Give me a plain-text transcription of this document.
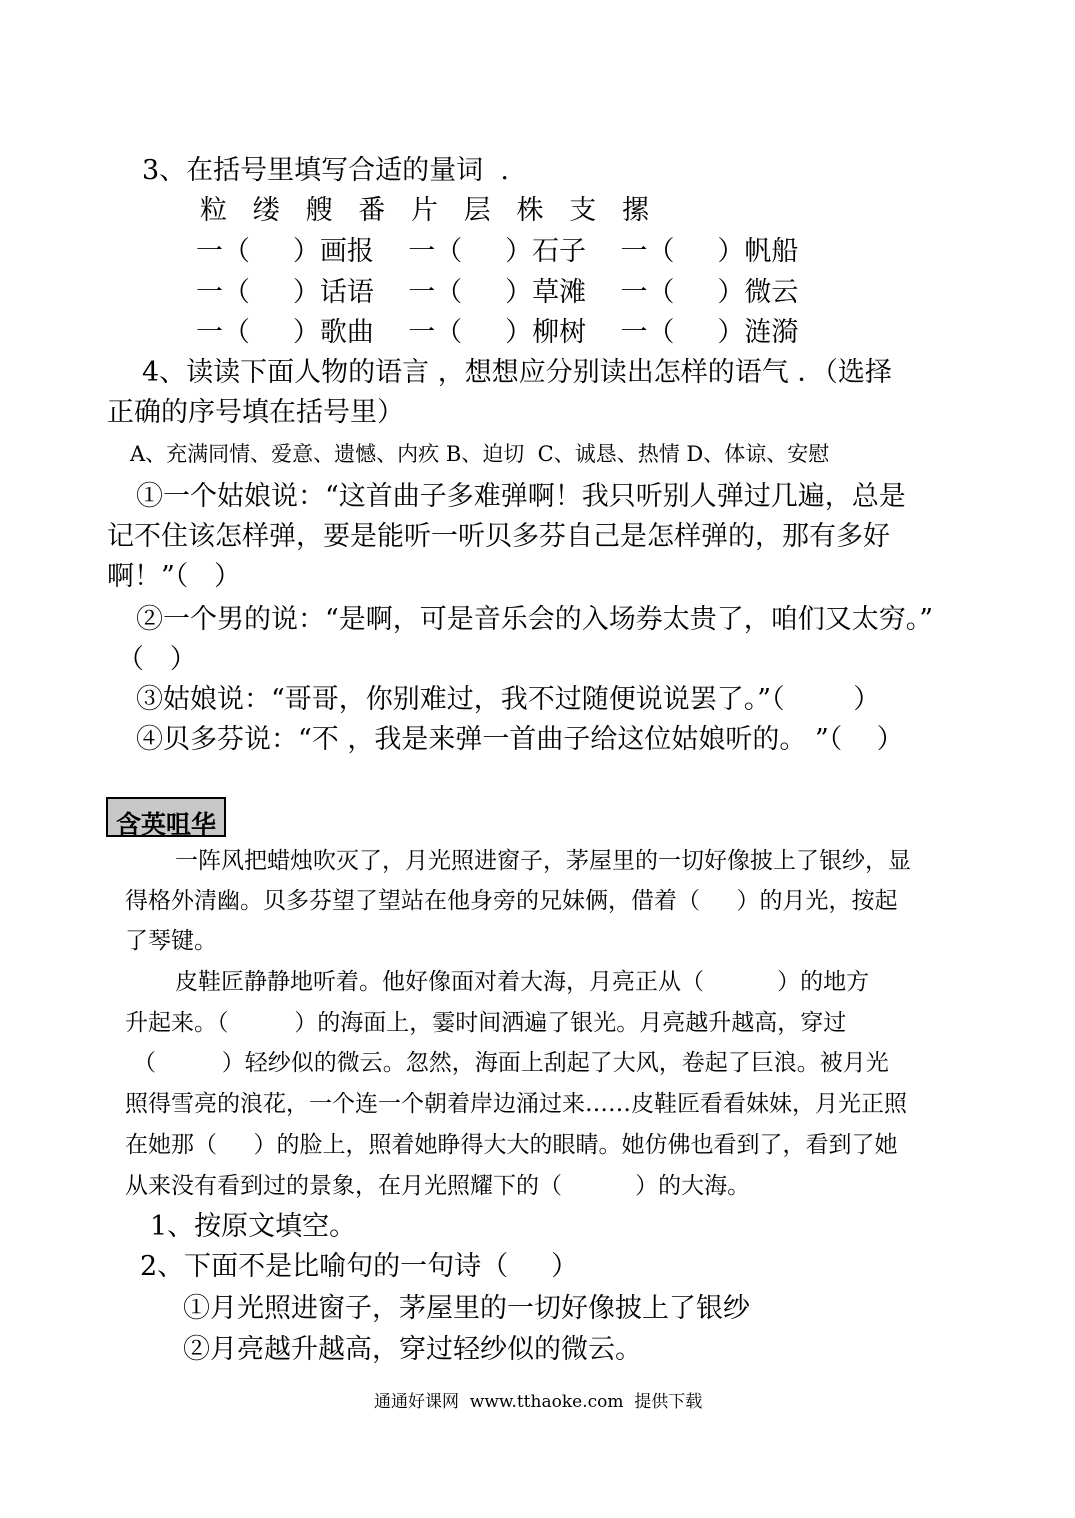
3、在括号里填写合适的量词  .
粒   缕   艘   番   片   层   株   支   摞
一（     ）画报    一（     ）石子    一（     ）帆船
一（     ）话语    一（     ）草滩    一（     ）微云
一（     ）歌曲    一（     ）柳树    一（     ）涟漪
4、读读下面人物的语言 ，想想应分别读出怎样的语气 ．（选择
正确的序号填在括号里）
A、充满同情、爱意、遗憾、内疚 B、迫切  C、诚恳、热情 D、体谅、安慰
①一个姑娘说：“这首曲子多难弹啊！我只听别人弹过几遍，总是
记不住该怎样弹，要是能听一听贝多芬自己是怎样弹的，那有多好
啊！”（   ）
②一个男的说：“是啊，可是音乐会的入场券太贵了，咱们又太穷。”
（   ）
③姑娘说：“哥哥，你别难过，我不过随便说说罢了。”（        ）
④贝多芬说：“不 ，我是来弹一首曲子给这位姑娘听的。 ”（    ）
含英咀华
一阵风把蜡烛吹灭了，月光照进窗子，茅屋里的一切好像披上了银纱，显
得格外清幽。贝多芬望了望站在他身旁的兄妹俩，借着（     ）的月光，按起
了琴键。
皮鞋匠静静地听着。他好像面对着大海，月亮正从（          ）的地方
升起来。（         ）的海面上，霎时间洒遍了银光。月亮越升越高，穿过
（         ）轻纱似的微云。忽然，海面上刮起了大风，卷起了巨浪。被月光
照得雪亮的浪花，一个连一个朝着岸边涌过来……皮鞋匠看看妹妹，月光正照
在她那（     ）的脸上，照着她睁得大大的眼睛。她仿佛也看到了，看到了她
从来没有看到过的景象，在月光照耀下的（          ）的大海。
1、按原文填空。
2、下面不是比喻句的一句诗（     ）
①月光照进窗子，茅屋里的一切好像披上了银纱
②月亮越升越高，穿过轻纱似的微云。
通通好课网  www.tthaoke.com  提供下载
